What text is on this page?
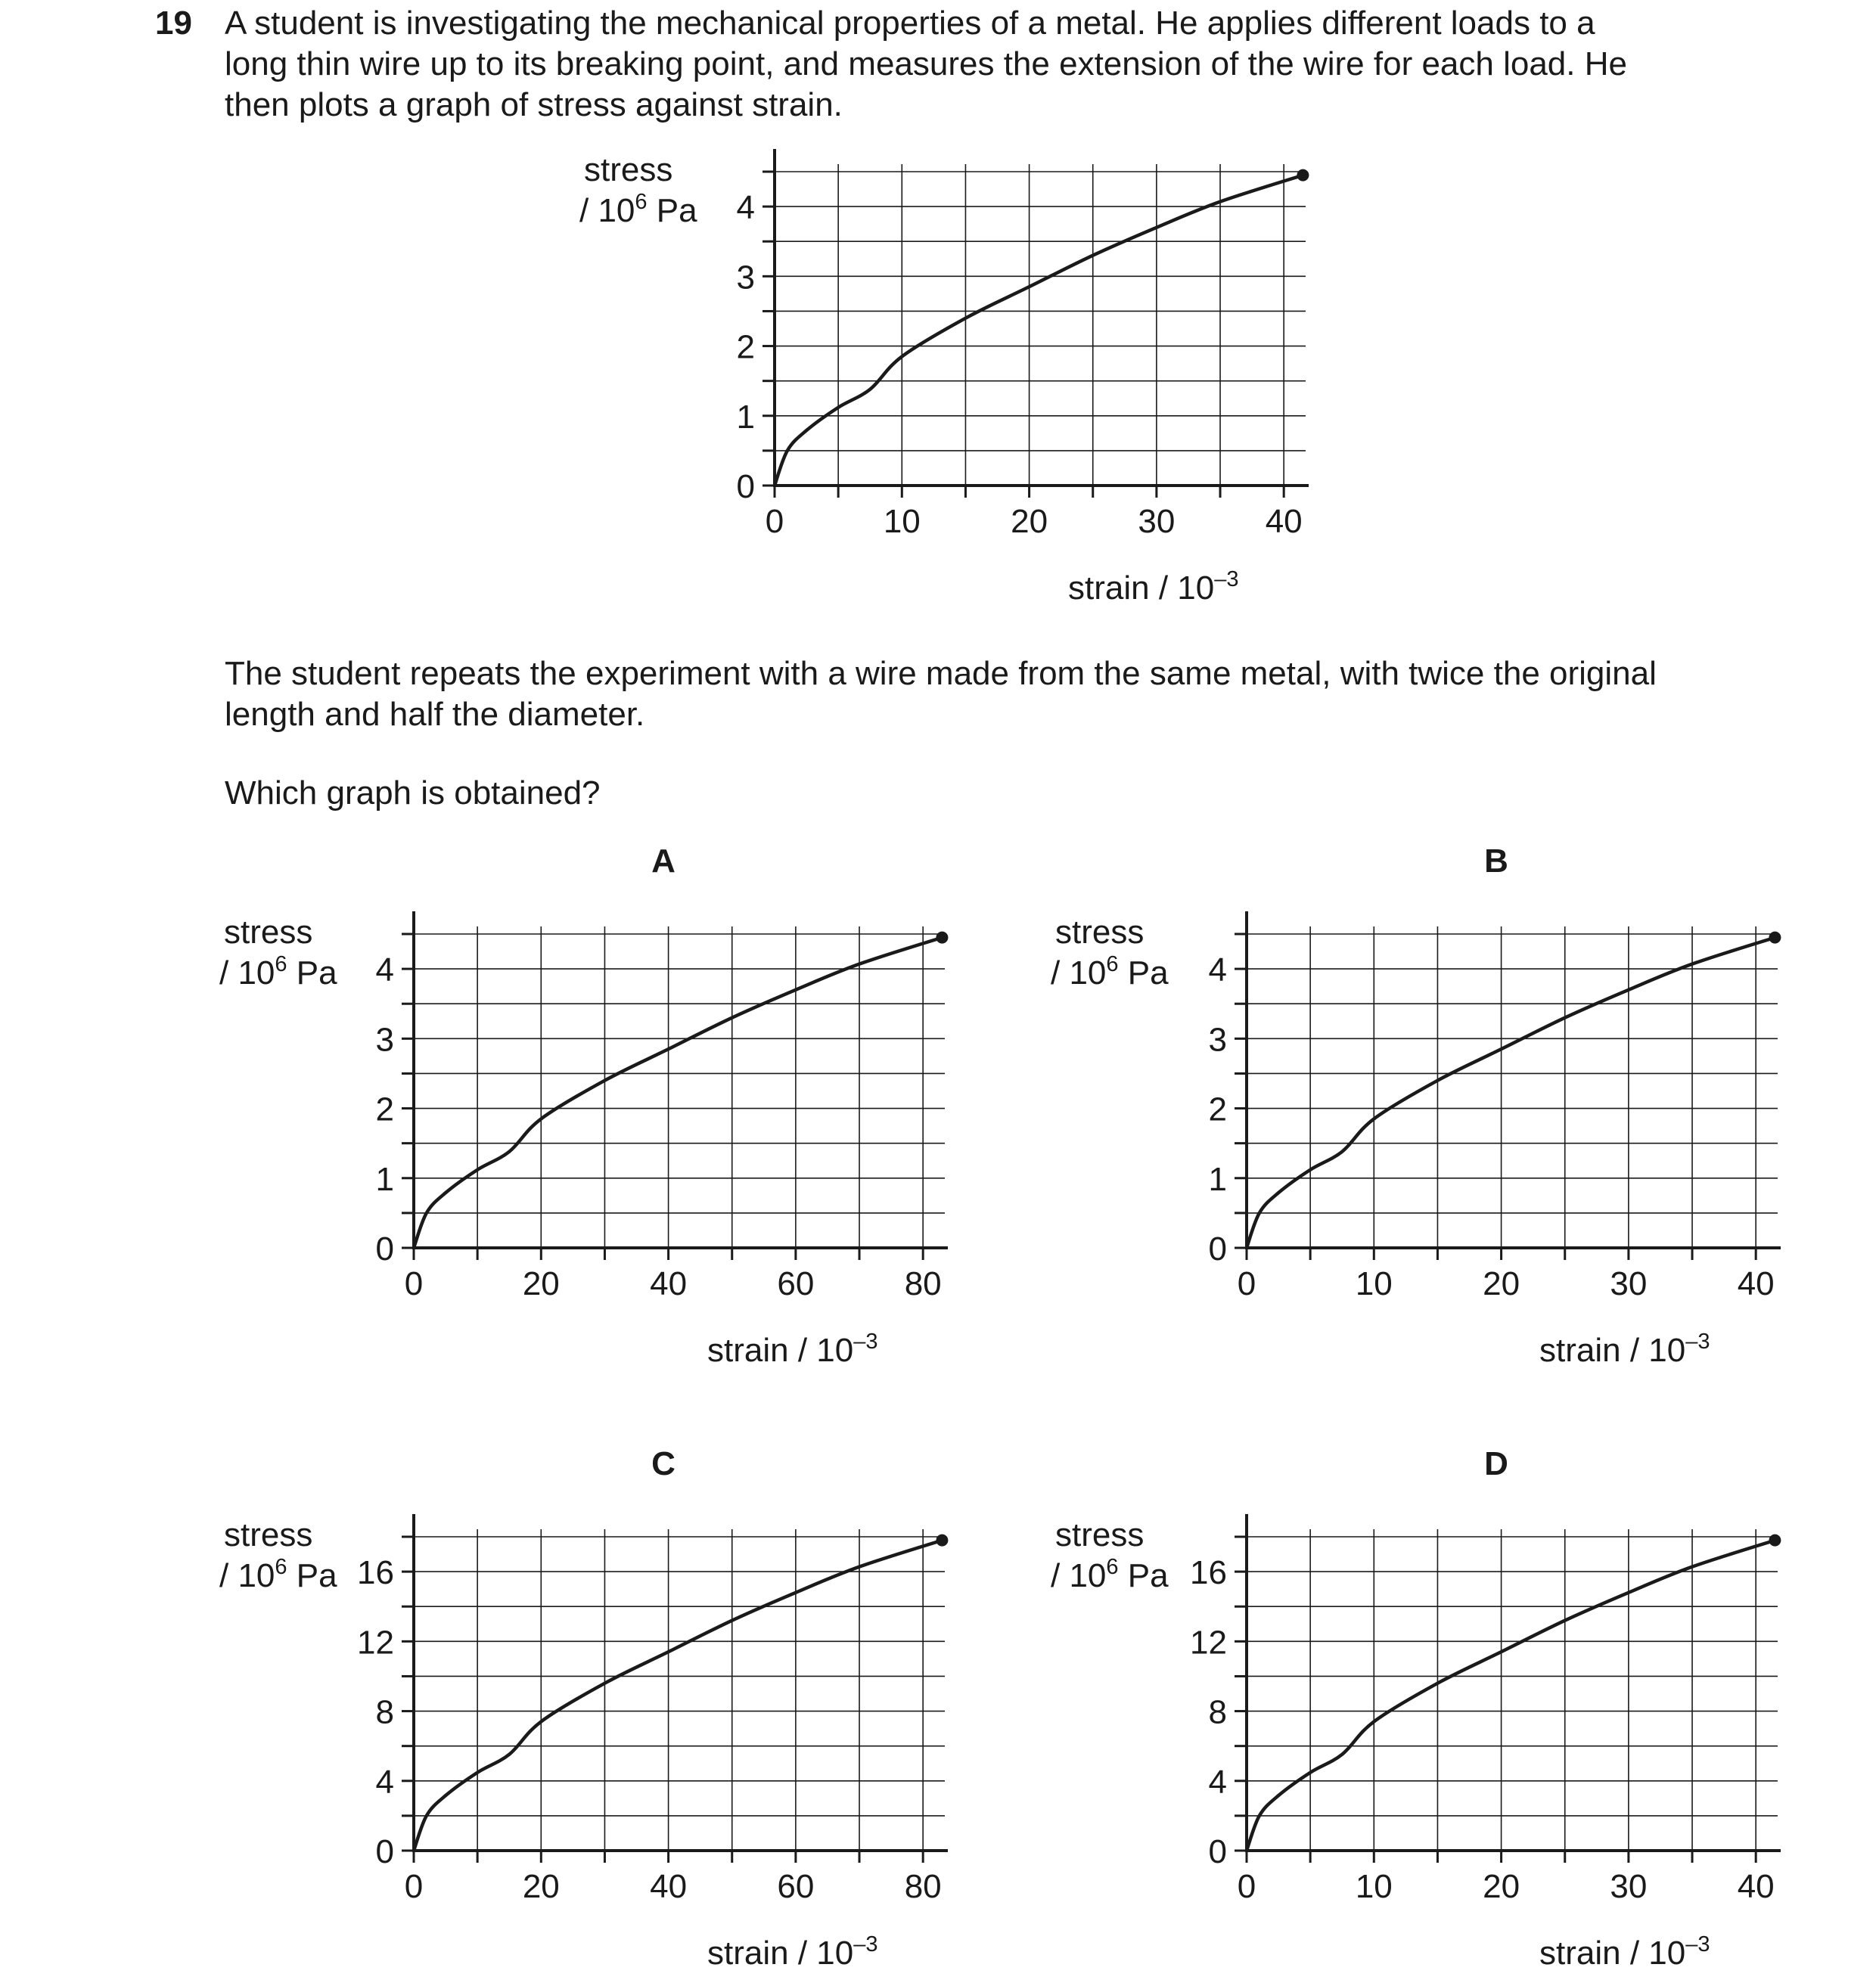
19 A student is investigating the mechanical properties of a metal. He applies different loads to a
long thin wire up to its breaking point, and measures the extension of the wire for each load. He
then plots a graph of stress against strain.
0	10	20	30	40
0
1
2
3
4
stress
/ $10^6$ Pa
strain / $10^{-3}$
The student repeats the experiment with a wire made from the same metal, with twice the original
length and half the diameter.
Which graph is obtained?
0	20	40	60	80
0
1
2
3
4
stress
/ $10^6$ Pa
strain / $10^{-3}$
A
0	10	20	30	40
0
1
2
3
4
stress
/ $10^6$ Pa
strain / $10^{-3}$
B
0	20	40	60	80
0
4
8
12
16
stress
/ $10^6$ Pa
strain / $10^{-3}$
C
0	10	20	30	40
0
4
8
12
16
stress
/ $10^6$ Pa
strain / $10^{-3}$
D
